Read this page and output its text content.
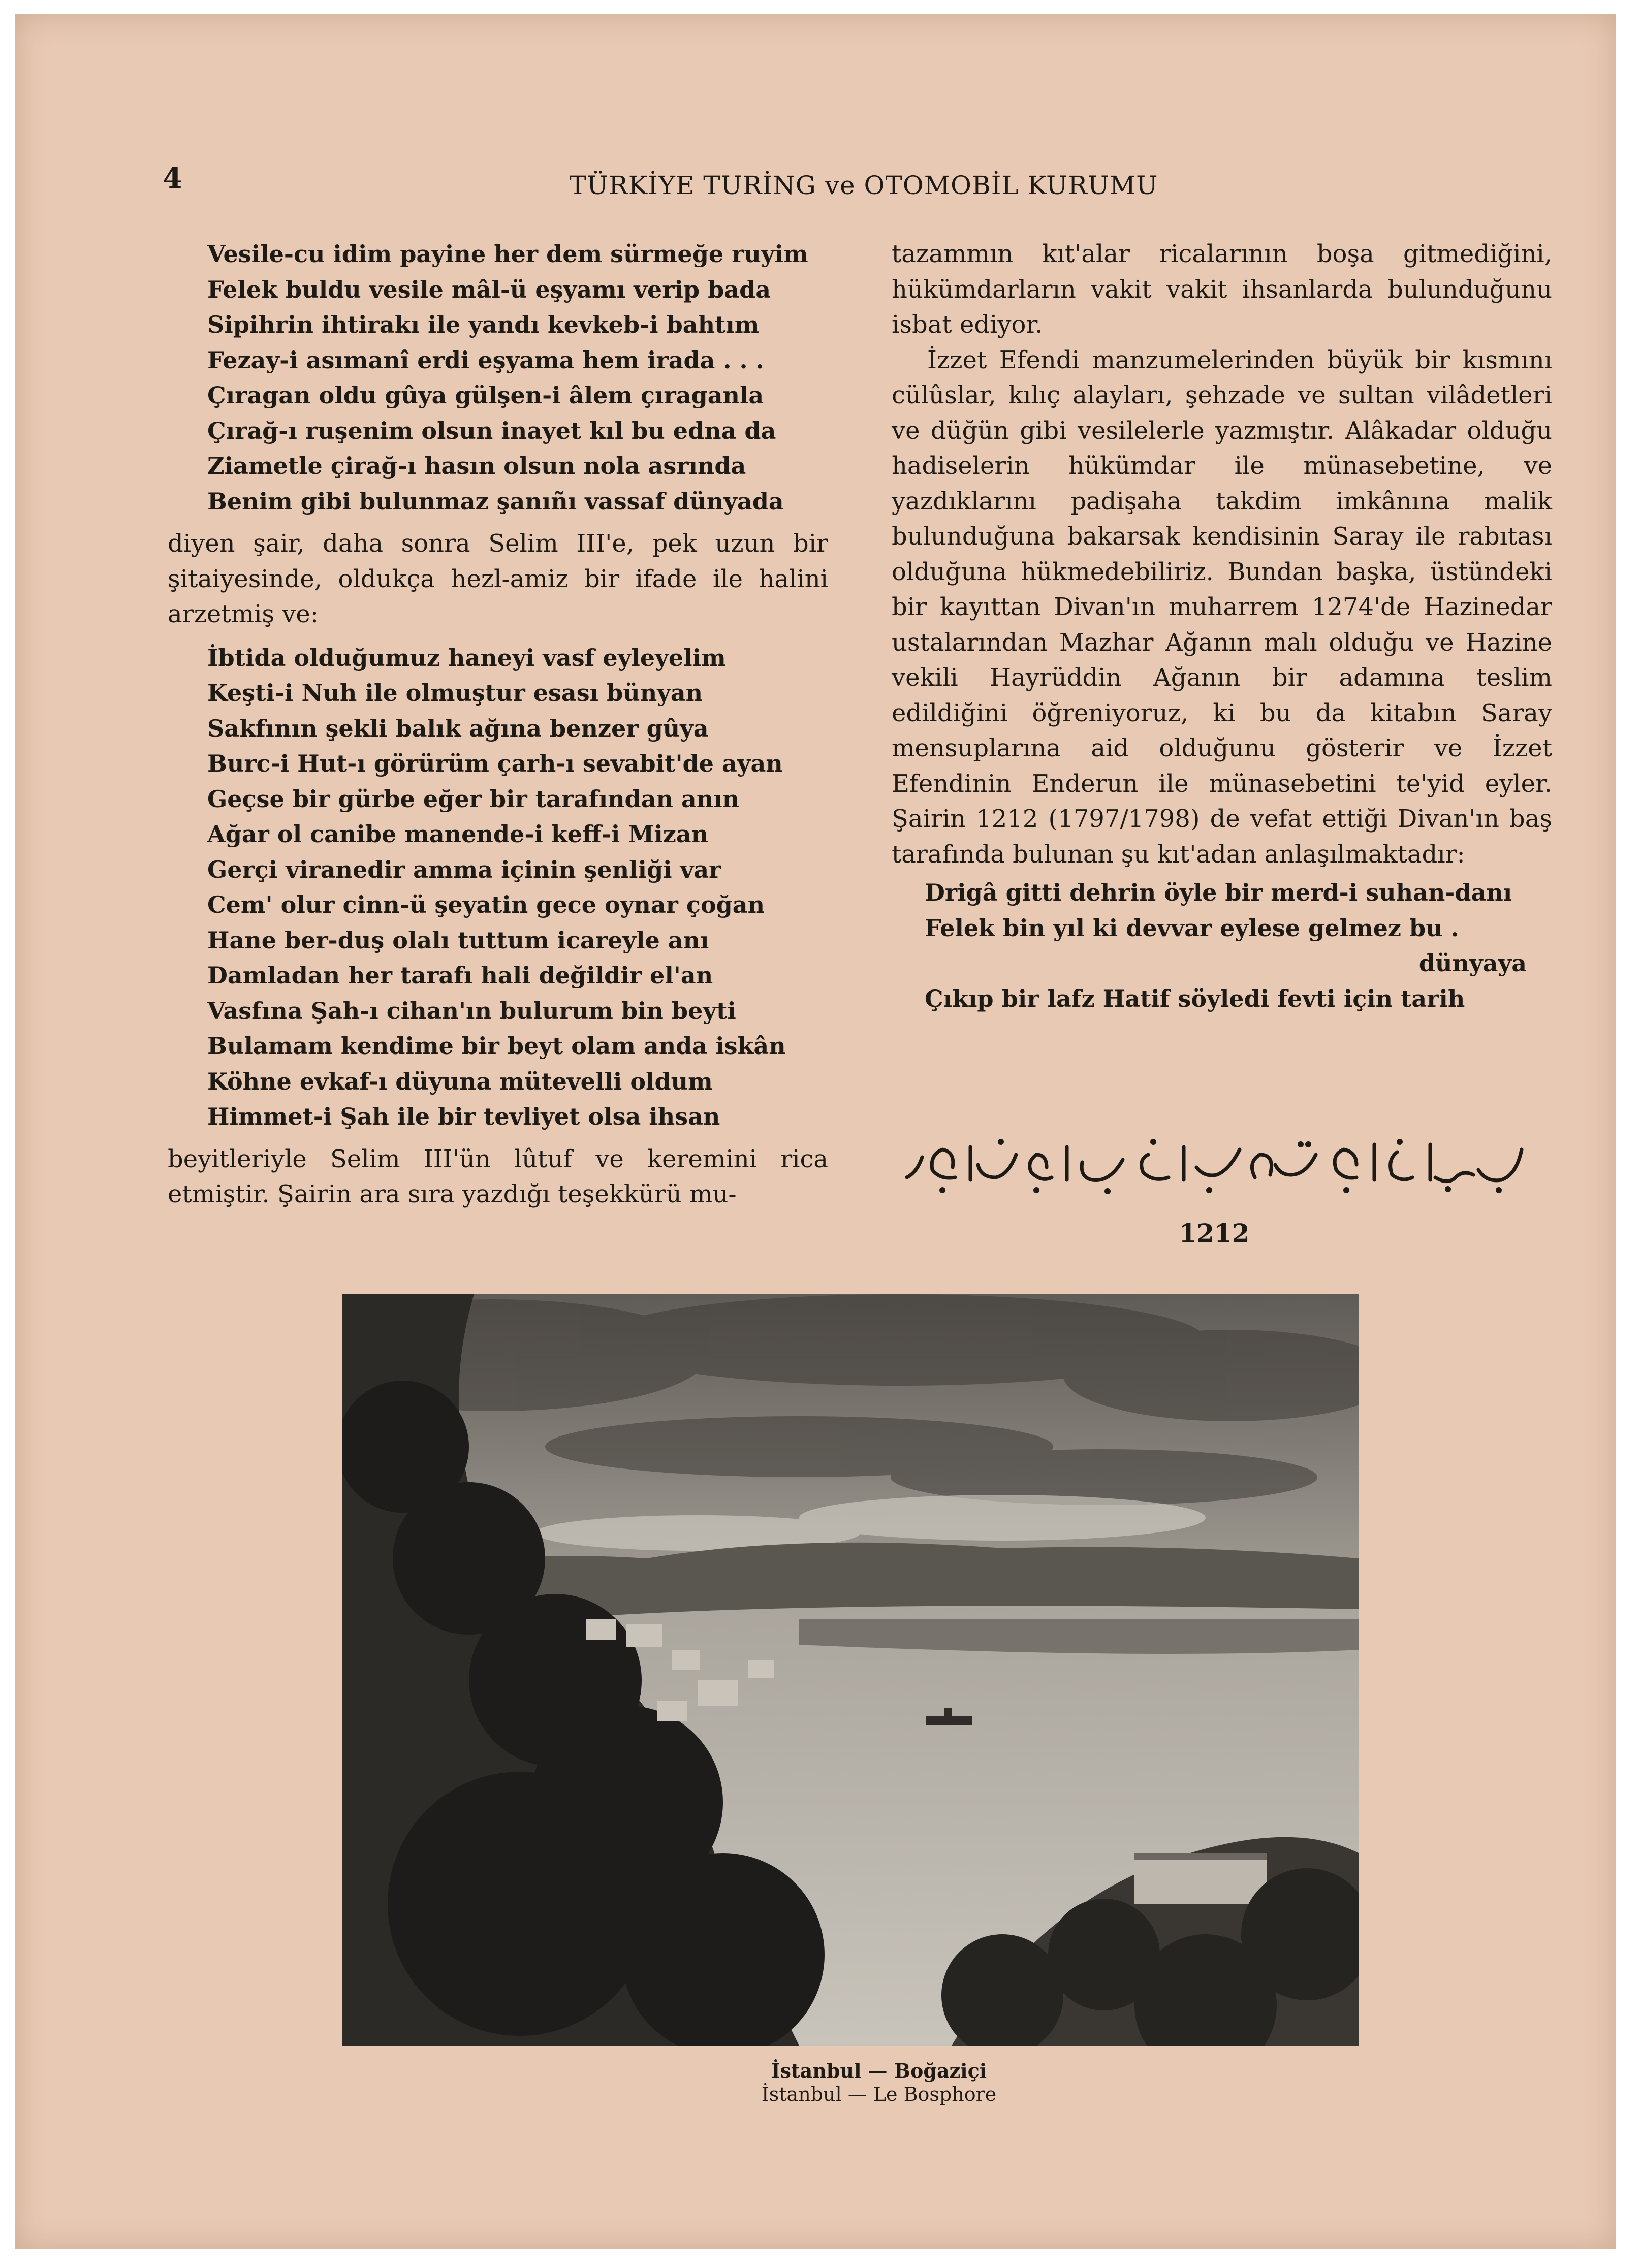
4	TÜRKİYE TURİNG ve OTOMOBİL KURUMU
Vesile-cu idim payine her dem sürmeğe ruyim
Felek buldu vesile mâl-ü eşyamı verip bada
Sipihrin ihtirakı ile yandı kevkeb-i bahtım
Fezay-i asımanî erdi eşyama hem irada . . .
Çıragan oldu gûya gülşen-i âlem çıraganla
Çırağ-ı ruşenim olsun inayet kıl bu edna da
Ziametle çirağ-ı hasın olsun nola asrında
Benim gibi bulunmaz şanıñı vassaf dünyada

diyen şair, daha sonra Selim III'e, pek uzun bir şitaiyesinde, oldukça hezl-amiz bir ifade ile halini arzetmiş ve:

İbtida olduğumuz haneyi vasf eyleyelim
Keşti-i Nuh ile olmuştur esası bünyan
Sakfının şekli balık ağına benzer gûya
Burc-i Hut-ı görürüm çarh-ı sevabit'de ayan
Geçse bir gürbe eğer bir tarafından anın
Ağar ol canibe manende-i keff-i Mizan
Gerçi viranedir amma içinin şenliği var
Cem' olur cinn-ü şeyatin gece oynar çoğan
Hane ber-duş olalı tuttum icareyle anı
Damladan her tarafı hali değildir el'an
Vasfına Şah-ı cihan'ın bulurum bin beyti
Bulamam kendime bir beyt olam anda iskân
Köhne evkaf-ı düyuna mütevelli oldum
Himmet-i Şah ile bir tevliyet olsa ihsan

beyitleriyle Selim III'ün lûtuf ve keremini rica etmiştir. Şairin ara sıra yazdığı teşekkürü mu-

tazammın kıt'alar ricalarının boşa gitmediğini, hükümdarların vakit vakit ihsanlarda bulunduğunu isbat ediyor.

İzzet Efendi manzumelerinden büyük bir kısmını cülûslar, kılıç alayları, şehzade ve sultan vilâdetleri ve düğün gibi vesilelerle yazmıştır. Alâkadar olduğu hadiselerin hükümdar ile münasebetine, ve yazdıklarını padişaha takdim imkânına malik bulunduğuna bakarsak kendisinin Saray ile rabıtası olduğuna hükmedebiliriz. Bundan başka, üstündeki bir kayıttan Divan'ın muharrem 1274'de Hazinedar ustalarından Mazhar Ağanın malı olduğu ve Hazine vekili Hayrüddin Ağanın bir adamına teslim edildiğini öğreniyoruz, ki bu da kitabın Saray mensuplarına aid olduğunu gösterir ve İzzet Efendinin Enderun ile münasebetini te'yid eyler. Şairin 1212 (1797/1798) de vefat ettiği Divan'ın baş tarafında bulunan şu kıt'adan anlaşılmaktadır:

Drigâ gitti dehrin öyle bir merd-i suhan-danı
Felek bin yıl ki devvar eylese gelmez bu .
dünyaya
Çıkıp bir lafz Hatif söyledi fevti için tarih
1212
İstanbul — Boğaziçi
İstanbul — Le Bosphore
